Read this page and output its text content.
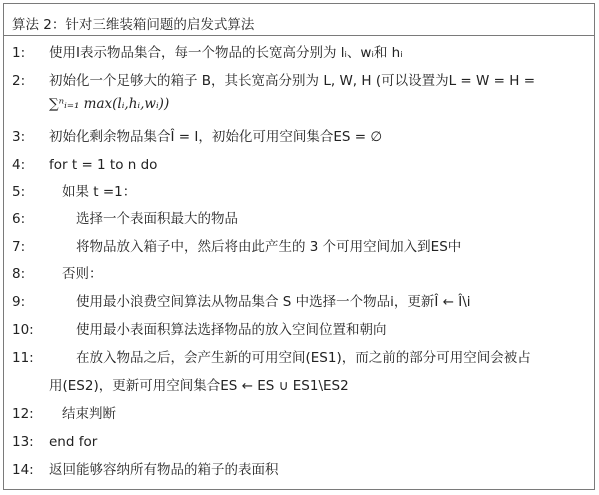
算法 2：针对三维装箱问题的启发式算法
1: 使用I表示物品集合，每一个物品的长宽高分别为 lᵢ、wᵢ和 hᵢ
2: 初始化一个足够大的箱子 B，其长宽高分别为 L, W, H (可以设置为L = W = H =
∑ⁿᵢ₌₁ max(lᵢ,hᵢ,wᵢ))
3: 初始化剩余物品集合Î = I，初始化可用空间集合ES = ∅
4: for t = 1 to n do
5:	如果 t =1：
6:	选择一个表面积最大的物品
7:	将物品放入箱子中，然后将由此产生的 3 个可用空间加入到ES中
8:	否则：
9:	使用最小浪费空间算法从物品集合 S 中选择一个物品i，更新Î ← Î\i
10:	使用最小表面积算法选择物品的放入空间位置和朝向
11:	在放入物品之后，会产生新的可用空间(ES1)，而之前的部分可用空间会被占
用(ES2)，更新可用空间集合ES ← ES ∪ ES1\ES2
12: 结束判断
13: end for
14: 返回能够容纳所有物品的箱子的表面积
